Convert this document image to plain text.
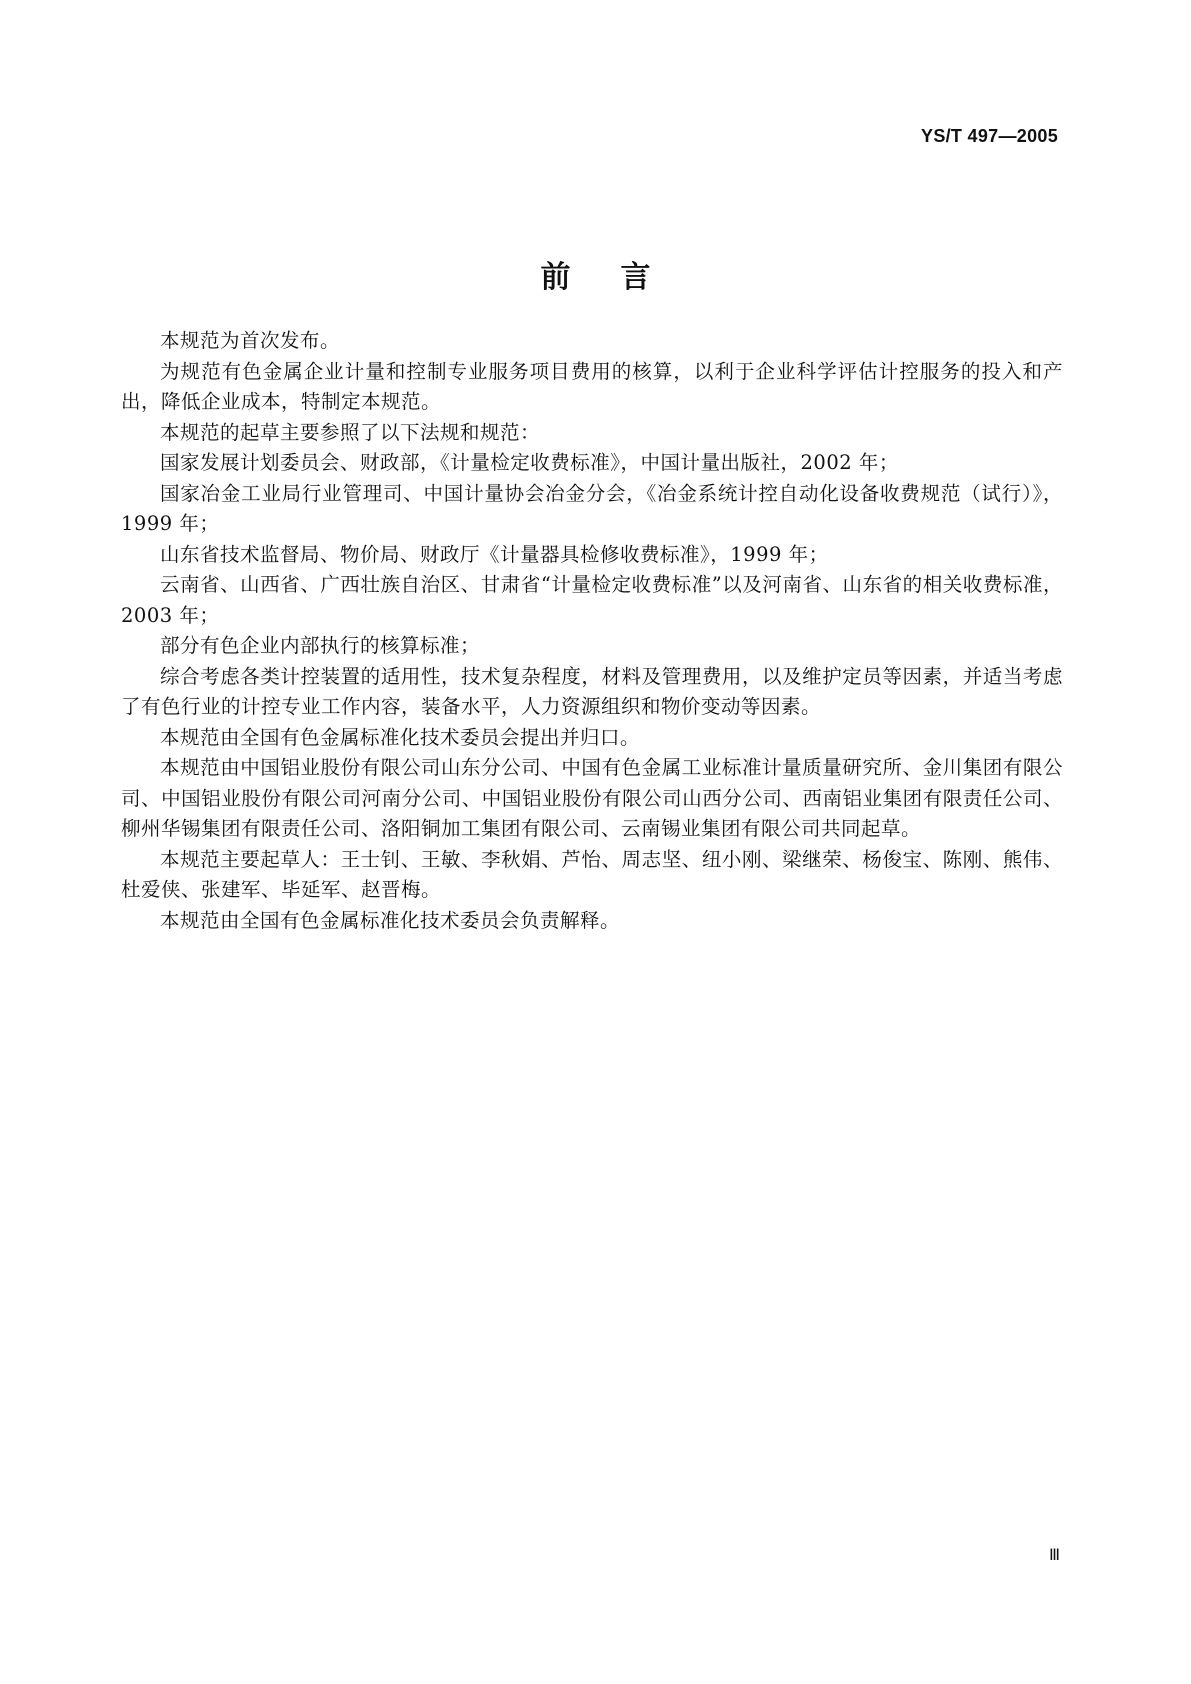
YS/T 497—2005
前言

本规范为首次发布。

为规范有色金属企业计量和控制专业服务项目费用的核算，以利于企业科学评估计控服务的投入和产出，降低企业成本，特制定本规范。

本规范的起草主要参照了以下法规和规范：

国家发展计划委员会、财政部，《计量检定收费标准》，中国计量出版社，2002 年；

国家冶金工业局行业管理司、中国计量协会冶金分会，《冶金系统计控自动化设备收费规范（试行）》，1999 年；

山东省技术监督局、物价局、财政厅《计量器具检修收费标准》，1999 年；

云南省、山西省、广西壮族自治区、甘肃省“计量检定收费标准”以及河南省、山东省的相关收费标准，2003 年；

部分有色企业内部执行的核算标准；

综合考虑各类计控装置的适用性，技术复杂程度，材料及管理费用，以及维护定员等因素，并适当考虑了有色行业的计控专业工作内容，装备水平，人力资源组织和物价变动等因素。

本规范由全国有色金属标准化技术委员会提出并归口。

本规范由中国铝业股份有限公司山东分公司、中国有色金属工业标准计量质量研究所、金川集团有限公司、中国铝业股份有限公司河南分公司、中国铝业股份有限公司山西分公司、西南铝业集团有限责任公司、柳州华锡集团有限责任公司、洛阳铜加工集团有限公司、云南锡业集团有限公司共同起草。

本规范主要起草人：王士钊、王敏、李秋娟、芦怡、周志坚、纽小刚、梁继荣、杨俊宝、陈刚、熊伟、杜爱侠、张建军、毕延军、赵晋梅。

本规范由全国有色金属标准化技术委员会负责解释。

Ⅲ
